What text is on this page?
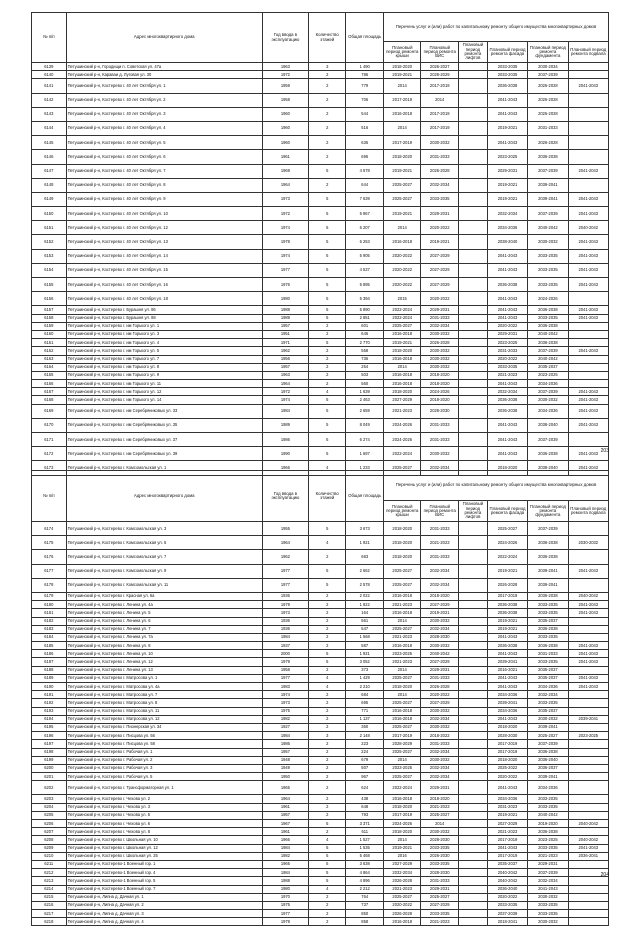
№ п/п	Адрес многоквартирного дома	Год ввода в эксплуатацию	Количество этажей	Общая площадь	Перечень услуг и (или) работ по капитальному ремонту общего имущества многоквартирных домов					
					Плановый период ремонта крыши	Плановый период ремонта ВИС	Плановый период ремонта лифтов	Плановый период ремонта фасада	Плановый период ремонта фундамента	Плановый период ремонта подвала
6139	Петушинский р-н, Городищи п. Советская ул. 47а	1963	3	1 490	2018-2020	2026-2027		2033-2035	2030-2034	
6140	Петушинский р-н, Караваи д. Луговая ул. 30	1972	2	786	2019-2021	2028-2029		2033-2035	2037-2039	
6141	Петушинский р-н, Костерево г. 40 лет Октября ул. 1	1959	2	779	2014	2017-2019		2036-2038	2026-2028	2041-2043
6142	Петушинский р-н, Костерево г. 40 лет Октября ул. 2	1958	2	706	2017-2019	2014		2041-2043	2026-2028	
6143	Петушинский р-н, Костерево г. 40 лет Октября ул. 3	1960	2	544	2016-2018	2017-2019		2041-2043	2026-2028	
6144	Петушинский р-н, Костерево г. 40 лет Октября ул. 4	1960	2	516	2014	2017-2019		2019-2021	2031-2033	
6145	Петушинский р-н, Костерево г. 40 лет Октября ул. 5	1960	2	636	2017-2019	2030-2032		2041-2043	2026-2028	
6146	Петушинский р-н, Костерево г. 40 лет Октября ул. 6	1961	2	696	2018-2020	2031-2033		2023-2025	2036-2038	
6147	Петушинский р-н, Костерево г. 40 лет Октября ул. 7	1969	5	4 578	2019-2021	2026-2028		2029-2031	2037-2039	2041-2043
6148	Петушинский р-н, Костерево г. 40 лет Октября ул. 8	1964	2	644	2025-2027	2032-2034		2019-2021	2039-2041	
6149	Петушинский р-н, Костерево г. 40 лет Октября ул. 9	1973	5	7 639	2025-2027	2033-2035		2019-2021	2039-2041	2041-2043
6150	Петушинский р-н, Костерево г. 40 лет Октября ул. 10	1972	5	5 967	2019-2021	2029-2031		2032-2034	2037-2039	2041-2043
6151	Петушинский р-н, Костерево г. 40 лет Октября ул. 12	1974	5	6 207	2014	2020-2022		2034-2036	2040-2042	2040-2042
6152	Петушинский р-н, Костерево г. 40 лет Октября ул. 13	1978	5	6 253	2016-2018	2019-2021		2038-2040	2030-2032	2041-2043
6153	Петушинский р-н, Костерево г. 40 лет Октября ул. 14	1974	5	5 905	2020-2022	2027-2029		2041-2043	2033-2035	2041-2043
6154	Петушинский р-н, Костерево г. 40 лет Октября ул. 15	1977	5	4 537	2020-2022	2027-2029		2041-2043	2033-2035	2041-2043
6155	Петушинский р-н, Костерево г. 40 лет Октября ул. 16	1976	5	5 895	2020-2022	2027-2029		2036-2038	2033-2035	2041-2043
6156	Петушинский р-н, Костерево г. 40 лет Октября ул. 18	1980	5	5 394	2015	2020-2022		2041-2043	2024-2026	
6157	Петушинский р-н, Костерево г. Бурашня ул. 86	1988	5	5 890	2022-2024	2029-2031		2041-2043	2036-2038	2041-2043
6158	Петушинский р-н, Костерево г. Бурашня ул. 88	1989	5	2 851	2022-2024	2031-2033		2041-2043	2033-2035	2041-2043
6159	Петушинский р-н, Костерево г. им Горького ул. 1	1957	2	601	2025-2027	2032-2034		2020-2022	2036-2038	
6160	Петушинский р-н, Костерево г. им Горького ул. 3	1951	2	646	2016-2018	2030-2032		2029-2031	2040-2042	
6161	Петушинский р-н, Костерево г. им Горького ул. 4	1971	5	2 770	2019-2021	2026-2028		2023-2025	2036-2038	
6162	Петушинский р-н, Костерево г. им Горького ул. 5	1962	2	558	2018-2020	2030-2032		2031-2033	2037-2039	2041-2043
6163	Петушинский р-н, Костерево г. им Горького ул. 7	1956	2	736	2016-2018	2030-2032		2020-2022	2040-2042	
6164	Петушинский р-н, Костерево г. им Горького ул. 8	1957	2	254	2014	2030-2032		2033-2035	2035-2037	
6165	Петушинский р-н, Костерево г. им Горького ул. 9	1963	2	503	2016-2018	2018-2020		2021-2023	2023-2025	
6166	Петушинский р-н, Костерево г. им Горького ул. 11	1964	2	560	2016-2018	2018-2020		2041-2043	2034-2036	
6167	Петушинский р-н, Костерево г. им Горького ул. 12	1972	4	1 639	2018-2020	2024-2026		2032-2034	2037-2039	2041-2043
6168	Петушинский р-н, Костерево г. им Горького ул. 14	1974	5	2 463	2027-2029	2018-2020		2036-2038	2030-2032	2041-2043
6169	Петушинский р-н, Костерево г. им Серебряниковых ул. 33	1984	5	2 659	2021-2023	2028-2030		2036-2038	2034-2036	2041-2043
6170	Петушинский р-н, Костерево г. им Серебряниковых ул. 35	1989	5	8 049	2024-2026	2031-2033		2041-2043	2038-2040	2041-2043
6171	Петушинский р-н, Костерево г. им Серебряниковых ул. 37	1986	5	6 274	2024-2026	2031-2033		2041-2043	2037-2039	
6172	Петушинский р-н, Костерево г. им Серебряниковых ул. 39	1990	5	1 697	2022-2024	2030-2032		2041-2043	2036-2038	2041-2043
6173	Петушинский р-н, Костерево г. Комсомольская ул. 1	1966	4	1 233	2025-2027	2032-2034		2018-2020	2038-2040	2041-2043
203
№ п/п	Адрес многоквартирного дома	Год ввода в эксплуатацию	Количество этажей	Общая площадь	Перечень услуг и (или) работ по капитальному ремонту общего имущества многоквартирных домов					
					Плановый период ремонта крыши	Плановый период ремонта ВИС	Плановый период ремонта лифтов	Плановый период ремонта фасада	Плановый период ремонта фундамента	Плановый период ремонта подвала
6174	Петушинский р-н, Костерево г. Комсомольская ул. 3	1955	5	3 673	2018-2020	2031-2033		2025-2027	2037-2039	
6175	Петушинский р-н, Костерево г. Комсомольская ул. 5	1964	4	1 921	2018-2020	2021-2023		2024-2026	2036-2038	2030-2032
6176	Петушинский р-н, Костерево г. Комсомольская ул. 7	1962	2	683	2018-2020	2031-2033		2022-2024	2036-2038	
6177	Петушинский р-н, Костерево г. Комсомольская ул. 9	1977	5	2 662	2025-2027	2032-2034		2019-2021	2039-2041	2041-2043
6178	Петушинский р-н, Костерево г. Комсомольская ул. 11	1977	5	2 578	2025-2027	2032-2034		2026-2028	2039-2041	
6179	Петушинский р-н, Костерево г. Красная ул. 6а	1936	2	2 022	2016-2018	2018-2020		2017-2019	2036-2038	2040-2042
6180	Петушинский р-н, Костерево г. Ленина ул. 4а	1979	2	1 822	2021-2023	2027-2029		2036-2038	2033-2035	2041-2043
6181	Петушинский р-н, Костерево г. Ленина ул. 5	1973	2	164	2016-2018	2019-2021		2036-2038	2033-2035	2041-2043
6182	Петушинский р-н, Костерево г. Ленина ул. 6	1936	2	561	2014	2030-2032		2019-2021	2035-2037	
6183	Петушинский р-н, Костерево г. Ленина ул. 7	1936	2	547	2025-2027	2032-2034		2019-2021	2036-2038	
6184	Петушинский р-н, Костерево г. Ленина ул. 7а	1984	2	1 568	2021-2023	2028-2030		2041-2043	2033-2035	
6185	Петушинский р-н, Костерево г. Ленина ул. 8	1937	2	587	2016-2018	2030-2032		2036-2038	2036-2038	2041-2043
6186	Петушинский р-н, Костерево г. Ленина ул. 10	2000	5	1 921	2023-2025	2040-2042		2041-2043	2031-2033	2041-2043
6187	Петушинский р-н, Костерево г. Ленина ул. 12	1979	5	3 052	2021-2023	2027-2029		2039-2041	2033-2035	2041-2043
6188	Петушинский р-н, Костерево г. Ленина ул. 13	1958	2	373	2014	2029-2031		2016-2021	2035-2037	
6189	Петушинский р-н, Костерево г. Матросова ул. 1	1977	4	1 429	2025-2027	2031-2033		2041-2043	2035-2037	2041-2043
6190	Петушинский р-н, Костерево г. Матросова ул. 4а	1983	4	2 210	2018-2020	2026-2028		2041-2043	2034-2036	2041-2043
6191	Петушинский р-н, Костерево г. Матросова ул. 7	1974	2	684	2014	2020-2022		2034-2036	2032-2034	
6192	Петушинский р-н, Костерево г. Матросова ул. 8	1973	2	695	2025-2027	2027-2029		2039-2041	2033-2035	
6193	Петушинский р-н, Костерево г. Матросова ул. 11	1975	2	771	2016-2018	2030-2032		2034-2036	2035-2037	
6194	Петушинский р-н, Костерево г. Матросова ул. 12	1982	2	1 137	2016-2018	2032-2034		2041-2043	2030-2032	2039-2041
6195	Петушинский р-н, Костерево г. Пионерская ул. 34	1927	2	360	2025-2027	2030-2032		2018-2020	2039-2041	
6196	Петушинский р-н, Костерево г. Писцова ул. 56	1984	3	2 148	2017-2019	2018-2022		2028-2030	2025-2027	2023-2025
6197	Петушинский р-н, Костерево г. Писцова ул. 58	1986	2	223	2028-2029	2031-2033		2017-2019	2037-2039	
6198	Петушинский р-н, Костерево г. Рабочая ул. 1	1957	2	224	2025-2027	2032-2034		2017-2019	2036-2038	
6199	Петушинский р-н, Костерево г. Рабочая ул. 2	1948	2	679	2014	2030-2032		2018-2020	2036-2040	
6200	Петушинский р-н, Костерево г. Рабочая ул. 3	1949	2	507	2023-2025	2032-2034		2025-2022	2036-2037	
6201	Петушинский р-н, Костерево г. Рабочая ул. 5	1950	2	967	2025-2027	2032-2034		2020-2022	2039-2041	
6202	Петушинский р-н, Костерево г. Трансформаторная ул. 1	1965	2	624	2022-2024	2029-2031		2041-2043	2034-2036	
6203	Петушинский р-н, Костерево г. Чехова ул. 2	1964	2	438	2016-2018	2018-2020		2034-2036	2033-2035	
6204	Петушинский р-н, Костерево г. Чехова ул. 3	1961	2	648	2018-2020	2021-2023		2031-2023	2033-2035	
6205	Петушинский р-н, Костерево г. Чехова ул. 5	1957	2	793	2017-2019	2025-2027		2019-2021	2040-2042	
6206	Петушинский р-н, Костерево г. Чехова ул. 6	1967	5	3 371	2024-2026	2014		2027-2029	2019-2020	2040-2042
6207	Петушинский р-н, Костерево г. Чехова ул. 8	1961	2	611	2018-2020	2030-2032		2021-2023	2036-2038	
6208	Петушинский р-н, Костерево г. Школьная ул. 10	1966	4	1 527	2014	2028-2030		2017-2019	2023-2025	2040-2042
6209	Петушинский р-н, Костерево г. Школьная ул. 12	1984	5	1 535	2019-2021	2033-2035		2041-2043	2033-2035	2041-2043
6210	Петушинский р-н, Костерево г. Школьная ул. 25	1982	5	5 468	2016	2026-2030		2017-2019	2021-2023	2036-2041
6211	Петушинский р-н, Костерево-1 Военный гор. 1	1965	5	3 638	2027-2029	2033-2035		2035-2037	2029-2031	
6212	Петушинский р-н, Костерево-1 Военный гор. 4	1984	5	4 864	2032-2034	2028-2030		2040-2042	2037-2039	
6213	Петушинский р-н, Костерево-1 Военный гор. 5	1988	5	4 896	2026-2028	2031-2033		2040-2042	2032-2034	
6214	Петушинский р-н, Костерево-1 Военный гор. 7	1980	4	2 212	2021-2023	2029-2031		2036-2040	2041-2043	
6215	Петушинский р-н, Липна д. Дачная ул. 1	1970	2	764	2025-2027	2025-2027		2020-2022	2030-2032	
6216	Петушинский р-н, Липна д. Дачная ул. 2	1975	2	737	2020-2022	2027-2029		2033-2035	2033-2035	
6217	Петушинский р-н, Липна д. Дачная ул. 3	1977	2	850	2026-2028	2033-2035		2037-2039	2033-2035	
6218	Петушинский р-н, Липна д. Дачная ул. 4	1979	2	858	2016-2018	2021-2023		2018-2041	2030-2032	
204
